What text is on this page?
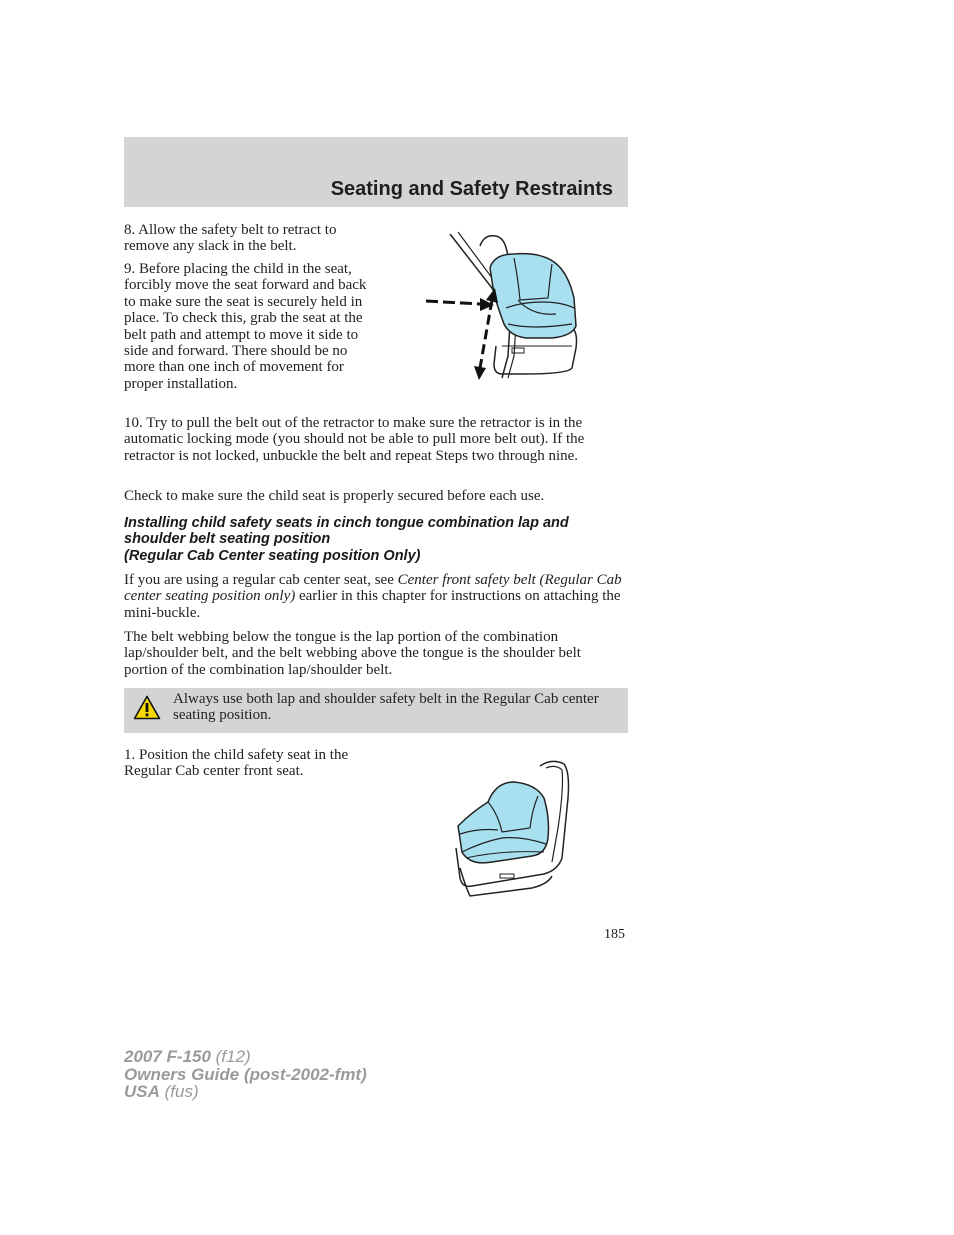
Seating and Safety Restraints

8. Allow the safety belt to retract to remove any slack in the belt.

9. Before placing the child in the seat, forcibly move the seat forward and back to make sure the seat is securely held in place. To check this, grab the seat at the belt path and attempt to move it side to side and forward. There should be no more than one inch of movement for proper installation.

10. Try to pull the belt out of the retractor to make sure the retractor is in the automatic locking mode (you should not be able to pull more belt out). If the retractor is not locked, unbuckle the belt and repeat Steps two through nine.

Check to make sure the child seat is properly secured before each use.

Installing child safety seats in cinch tongue combination lap and
shoulder belt seating position
(Regular Cab Center seating position Only)

If you are using a regular cab center seat, see Center front safety belt (Regular Cab center seating position only) earlier in this chapter for instructions on attaching the mini-buckle.

The belt webbing below the tongue is the lap portion of the combination lap/shoulder belt, and the belt webbing above the tongue is the shoulder belt portion of the combination lap/shoulder belt.

Always use both lap and shoulder safety belt in the Regular Cab center seating position.

1. Position the child safety seat in the Regular Cab center front seat.

185
2007 F-150 (f12)
Owners Guide (post-2002-fmt)
USA (fus)
